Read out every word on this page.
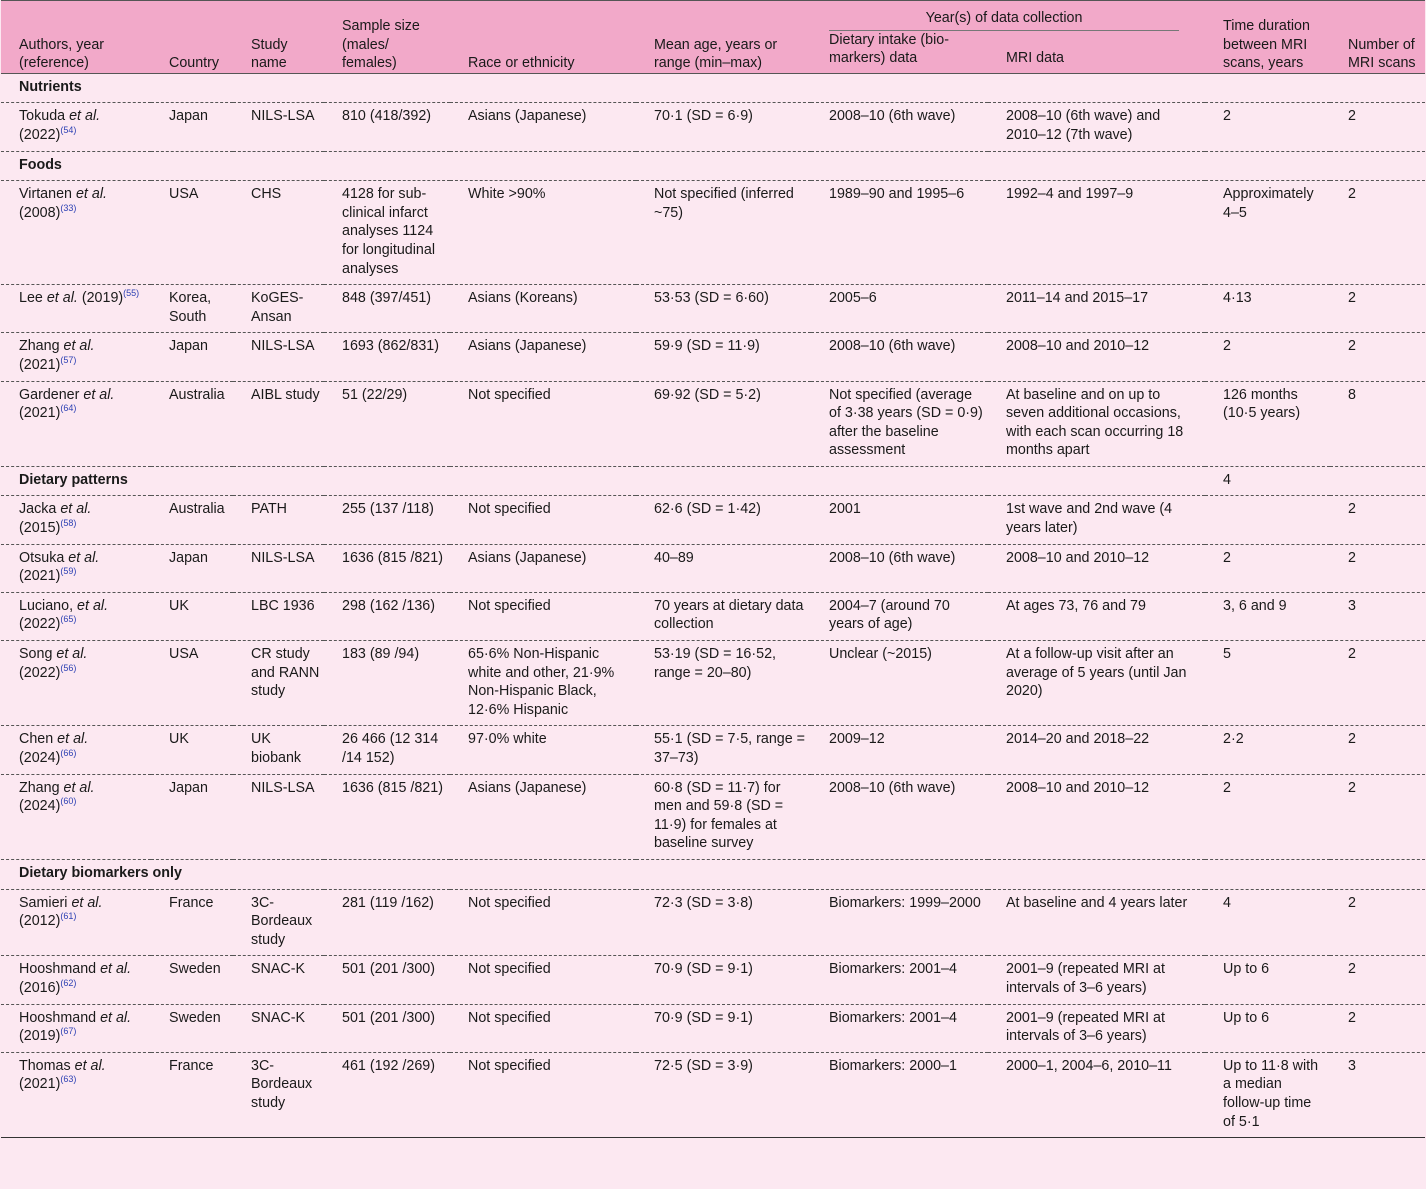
Authors, year (reference)	Country	Study name	Sample size (males/ females)	Race or ethnicity	Mean age, years or range (min–max)	Year(s) of data collection		Time duration between MRI scans, years	Number of MRI scans
						Dietary intake (bio-markers) data	MRI data		
Nutrients									
Tokuda et al.
(2022)$^{(54)}$	Japan	NILS-LSA	810 (418/392)	Asians (Japanese)	70·1 (SD = 6·9)	2008–10 (6th wave)	2008–10 (6th wave) and 2010–12 (7th wave)	2	2
Foods									
Virtanen et al.
(2008)$^{(33)}$	USA	CHS	4128 for sub-clinical infarct analyses 1124 for longitudinal analyses	White >90%	Not specified (inferred ~75)	1989–90 and 1995–6	1992–4 and 1997–9	Approximately 4–5	2
Lee et al. (2019)$^{(55)}$	Korea, South	KoGES-Ansan	848 (397/451)	Asians (Koreans)	53·53 (SD = 6·60)	2005–6	2011–14 and 2015–17	4·13	2
Zhang et al.
(2021)$^{(57)}$	Japan	NILS-LSA	1693 (862/831)	Asians (Japanese)	59·9 (SD = 11·9)	2008–10 (6th wave)	2008–10 and 2010–12	2	2
Gardener et al.
(2021)$^{(64)}$	Australia	AIBL study	51 (22/29)	Not specified	69·92 (SD = 5·2)	Not specified (average of 3·38 years (SD = 0·9) after the baseline assessment	At baseline and on up to seven additional occasions, with each scan occurring 18 months apart	126 months (10·5 years)	8
Dietary patterns								4	
Jacka et al.
(2015)$^{(58)}$	Australia	PATH	255 (137 /118)	Not specified	62·6 (SD = 1·42)	2001	1st wave and 2nd wave (4 years later)		2
Otsuka et al.
(2021)$^{(59)}$	Japan	NILS-LSA	1636 (815 /821)	Asians (Japanese)	40–89	2008–10 (6th wave)	2008–10 and 2010–12	2	2
Luciano, et al.
(2022)$^{(65)}$	UK	LBC 1936	298 (162 /136)	Not specified	70 years at dietary data collection	2004–7 (around 70 years of age)	At ages 73, 76 and 79	3, 6 and 9	3
Song et al.
(2022)$^{(56)}$	USA	CR study and RANN study	183 (89 /94)	65·6% Non-Hispanic white and other, 21·9% Non-Hispanic Black, 12·6% Hispanic	53·19 (SD = 16·52, range = 20–80)	Unclear (~2015)	At a follow-up visit after an average of 5 years (until Jan 2020)	5	2
Chen et al.
(2024)$^{(66)}$	UK	UK biobank	26 466 (12 314 /14 152)	97·0% white	55·1 (SD = 7·5, range = 37–73)	2009–12	2014–20 and 2018–22	2·2	2
Zhang et al.
(2024)$^{(60)}$	Japan	NILS-LSA	1636 (815 /821)	Asians (Japanese)	60·8 (SD = 11·7) for men and 59·8 (SD = 11·9) for females at baseline survey	2008–10 (6th wave)	2008–10 and 2010–12	2	2
Dietary biomarkers only									
Samieri et al.
(2012)$^{(61)}$	France	3C-Bordeaux study	281 (119 /162)	Not specified	72·3 (SD = 3·8)	Biomarkers: 1999–2000	At baseline and 4 years later	4	2
Hooshmand et al.
(2016)$^{(62)}$	Sweden	SNAC-K	501 (201 /300)	Not specified	70·9 (SD = 9·1)	Biomarkers: 2001–4	2001–9 (repeated MRI at intervals of 3–6 years)	Up to 6	2
Hooshmand et al.
(2019)$^{(67)}$	Sweden	SNAC-K	501 (201 /300)	Not specified	70·9 (SD = 9·1)	Biomarkers: 2001–4	2001–9 (repeated MRI at intervals of 3–6 years)	Up to 6	2
Thomas et al.
(2021)$^{(63)}$	France	3C-Bordeaux study	461 (192 /269)	Not specified	72·5 (SD = 3·9)	Biomarkers: 2000–1	2000–1, 2004–6, 2010–11	Up to 11·8 with a median follow-up time of 5·1	3
